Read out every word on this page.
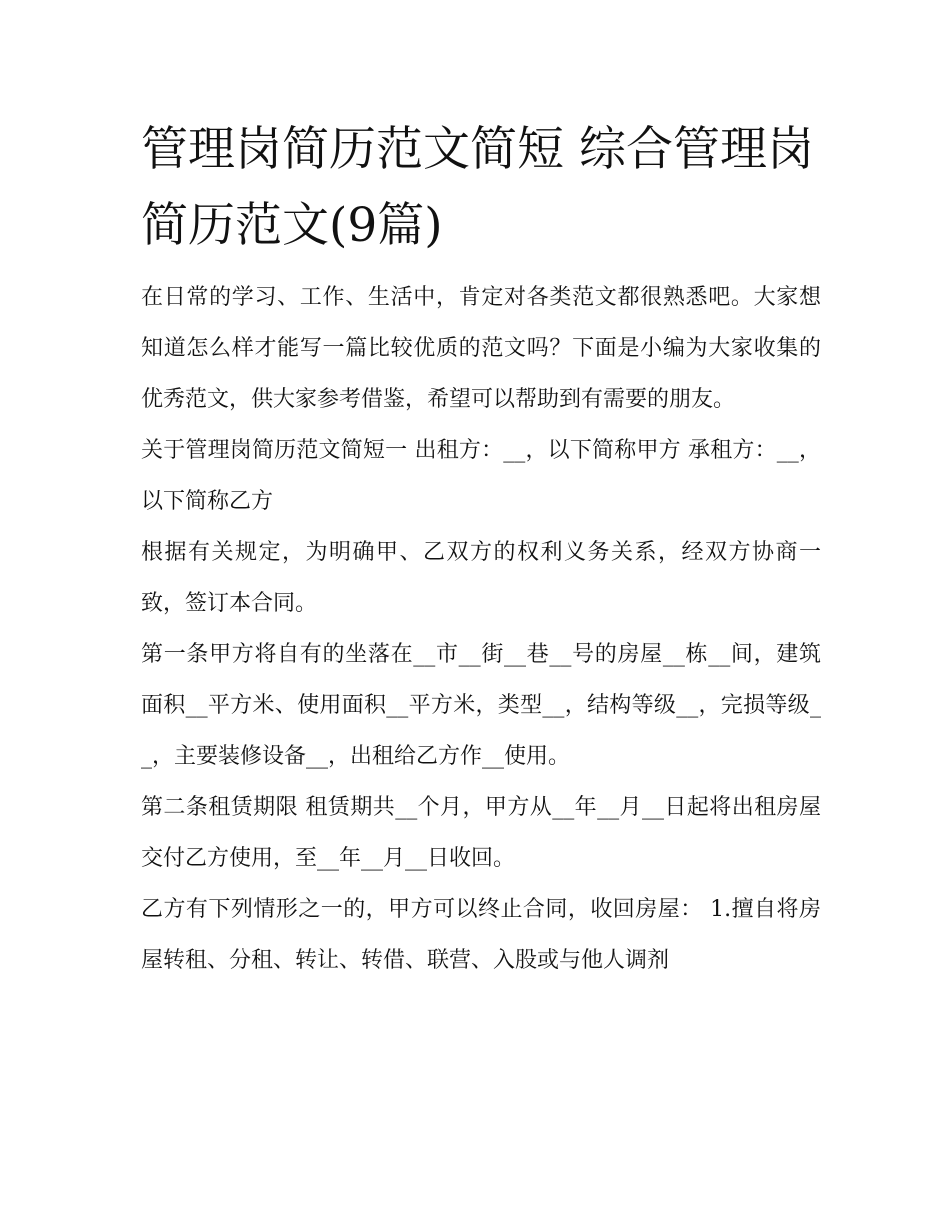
管理岗简历范文简短 综合管理岗简历范文(9篇)

在日常的学习、工作、生活中，肯定对各类范文都很熟悉吧。大家想知道怎么样才能写一篇比较优质的范文吗？下面是小编为大家收集的优秀范文，供大家参考借鉴，希望可以帮助到有需要的朋友。

关于管理岗简历范文简短一 出租方：__，以下简称甲方 承租方：__，以下简称乙方

根据有关规定，为明确甲、乙双方的权利义务关系，经双方协商一致，签订本合同。

第一条甲方将自有的坐落在__市__街__巷__号的房屋__栋__间，建筑面积__平方米、使用面积__平方米，类型__，结构等级__，完损等级__，主要装修设备__，出租给乙方作__使用。

第二条租赁期限 租赁期共__个月，甲方从__年__月__日起将出租房屋交付乙方使用，至__年__月__日收回。

乙方有下列情形之一的，甲方可以终止合同，收回房屋： 1.擅自将房屋转租、分租、转让、转借、联营、入股或与他人调剂
